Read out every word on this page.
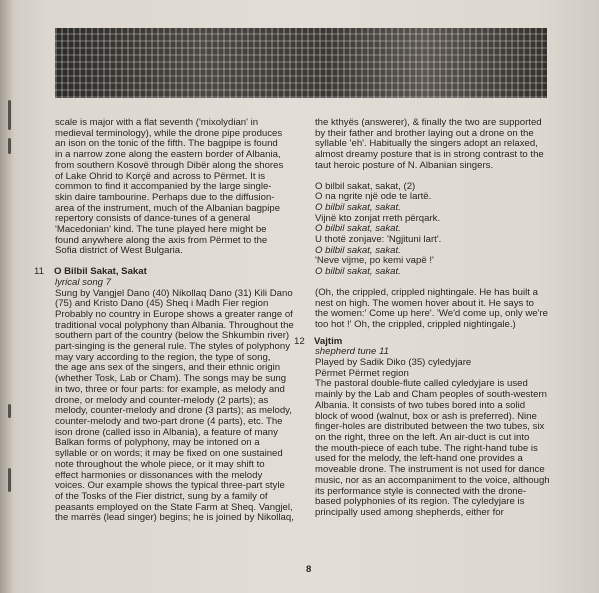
scale is major with a flat seventh ('mixolydian' in

medieval terminology), while the drone pipe produces

an ison on the tonic of the fifth. The bagpipe is found

in a narrow zone along the eastern border of Albania,

from southern Kosovë through Dibër along the shores

of Lake Ohrid to Korçë and across to Përmet. It is

common to find it accompanied by the large single-

skin daire tambourine. Perhaps due to the diffusion-

area of the instrument, much of the Albanian bagpipe

repertory consists of dance-tunes of a general

'Macedonian' kind. The tune played here might be

found anywhere along the axis from Përmet to the

Sofia district of West Bulgaria.

11	O Bilbil Sakat, Sakat

lyrical song 7

Sung by Vangjel Dano (40) Nikollaq Dano (31) Kili Dano

(75) and Kristo Dano (45) Sheq i Madh Fier region

Probably no country in Europe shows a greater range of

traditional vocal polyphony than Albania. Throughout the

southern part of the country (below the Shkumbin river)

part-singing is the general rule. The styles of polyphony

may vary according to the region, the type of song,

the age ans sex of the singers, and their ethnic origin

(whether Tosk, Lab or Cham). The songs may be sung

in two, three or four parts: for example, as melody and

drone, or melody and counter-melody (2 parts); as

melody, counter-melody and drone (3 parts); as melody,

counter-melody and two-part drone (4 parts), etc. The

ison drone (called isso in Albania), a feature of many

Balkan forms of polyphony, may be intoned on a

syllable or on words; it may be fixed on one sustained

note throughout the whole piece, or it may shift to

effect harmonies or dissonances with the melody

voices. Our example shows the typical three-part style

of the Tosks of the Fier district, sung by a family of

peasants employed on the State Farm at Sheq. Vangjel,

the marrës (lead singer) begins; he is joined by Nikollaq,

the kthyës (answerer), & finally the two are supported

by their father and brother laying out a drone on the

syllable 'eh'. Habitually the singers adopt an relaxed,

almost dreamy posture that is in strong contrast to the

taut heroic posture of N. Albanian singers.

O bilbil sakat, sakat, (2)

O na ngrite një ode te lartë.

O bilbil sakat, sakat.

Vijnë kto zonjat rreth përqark.

O bilbil sakat, sakat.

U thotë zonjave: 'Ngjituni lart'.

O bilbil sakat, sakat.

'Neve vijme, po kemi vapë !'

O bilbil sakat, sakat.

(Oh, the crippled, crippled nightingale. He has built a

nest on high. The women hover about it. He says to

the women:' Come up here'. 'We'd come up, only we're

too hot !' Oh, the crippled, crippled nightingale.)

12 Vajtim

shepherd tune 11

Played by Sadik Diko (35) cyledyjare

Përmet Përmet region

The pastoral double-flute called cyledyjare is used

mainly by the Lab and Cham peoples of south-western

Albania. It consists of two tubes bored into a solid

block of wood (walnut, box or ash is preferred). Nine

finger-holes are distributed between the two tubes, six

on the right, three on the left. An air-duct is cut into

the mouth-piece of each tube. The right-hand tube is

used for the melody, the left-hand one provides a

moveable drone. The instrument is not used for dance

music, nor as an accompaniment to the voice, although

its performance style is connected with the drone-

based polyphonies of its region. The cyledyjare is

principally used among shepherds, either for

8
